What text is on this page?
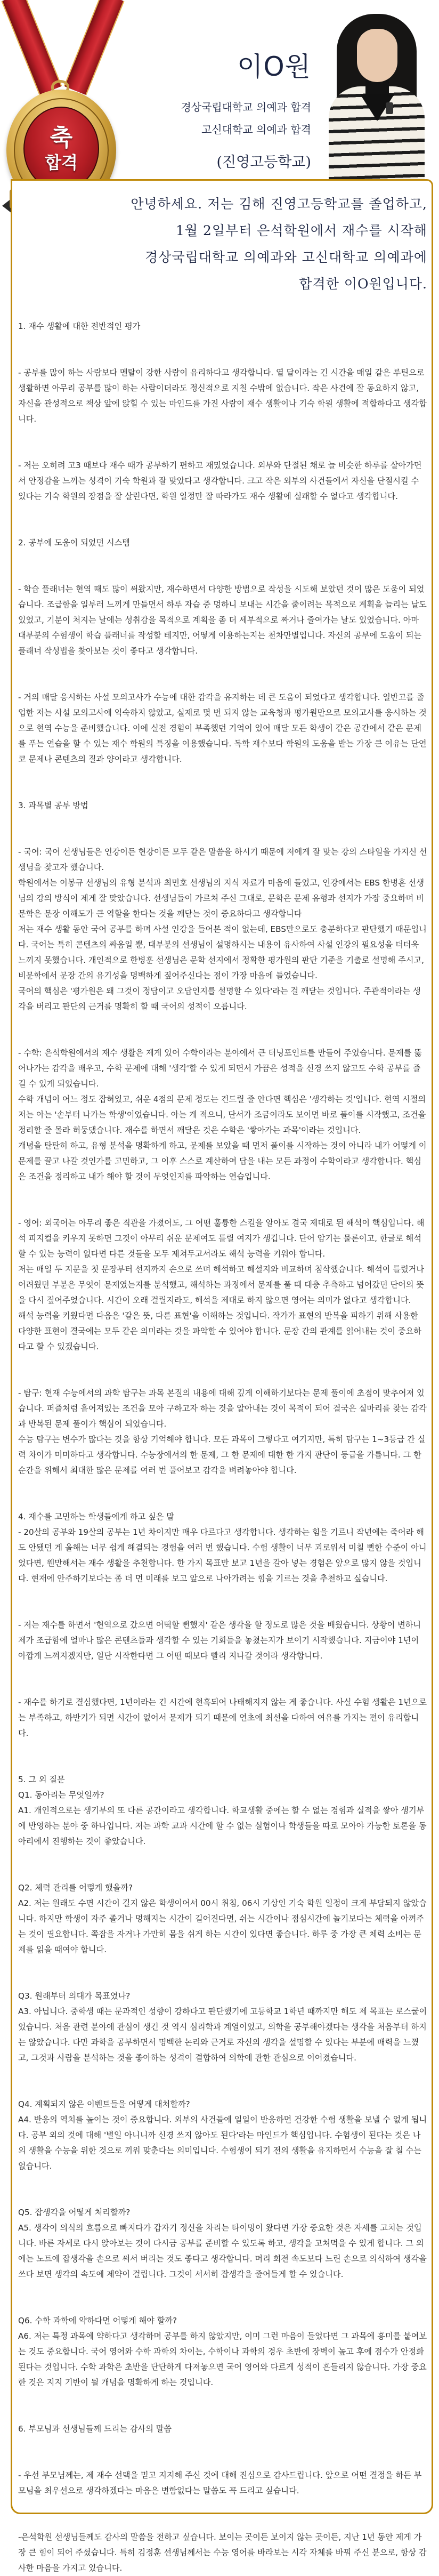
축
합격
이O원
경상국립대학교 의예과 합격
고신대학교 의예과 합격
(진영고등학교)
안녕하세요. 저는 김해 진영고등학교를 졸업하고,
1월 2일부터 은석학원에서 재수를 시작해
경상국립대학교 의예과와 고신대학교 의예과에
합격한 이O원입니다.
1. 재수 생활에 대한 전반적인 평가
- 공부를 많이 하는 사람보다 멘탈이 강한 사람이 유리하다고 생각합니다. 열 달이라는 긴 시간을 매일 같은 루틴으로 생활하면 아무리 공부를 많이 하는 사람이더라도 정신적으로 지칠 수밖에 없습니다. 작은 사건에 잘 동요하지 않고, 자신을 관성적으로 책상 앞에 앉힐 수 있는 마인드를 가진 사람이 재수 생활이나 기숙 학원 생활에 적합하다고 생각합니다.
- 저는 오히려 고3 때보다 재수 때가 공부하기 편하고 재밌었습니다. 외부와 단절된 채로 늘 비슷한 하루를 살아가면서 안정감을 느끼는 성격이 기숙 학원과 잘 맞았다고 생각합니다. 크고 작은 외부의 사건들에서 자신을 단절시킬 수 있다는 기숙 학원의 장점을 잘 살린다면, 학원 일정만 잘 따라가도 재수 생활에 실패할 수 없다고 생각합니다.
2. 공부에 도움이 되었던 시스템
- 학습 플래너는 현역 때도 많이 써왔지만, 재수하면서 다양한 방법으로 작성을 시도해 보았던 것이 많은 도움이 되었습니다. 조급함을 일부러 느끼게 만들면서 하루 자습 중 멍하니 보내는 시간을 줄이려는 목적으로 계획을 늘리는 날도 있었고, 기분이 처지는 날에는 성취감을 목적으로 계획을 좀 더 세부적으로 짜거나 줄여가는 날도 있었습니다. 아마 대부분의 수험생이 학습 플래너를 작성할 테지만, 어떻게 이용하는지는 천차만별입니다. 자신의 공부에 도움이 되는 플래너 작성법을 찾아보는 것이 좋다고 생각합니다.
- 거의 매달 응시하는 사설 모의고사가 수능에 대한 감각을 유지하는 데 큰 도움이 되었다고 생각합니다. 일반고를 졸업한 저는 사설 모의고사에 익숙하지 않았고, 실제로 몇 번 되지 않는 교육청과 평가원만으로 모의고사를 응시하는 것으로 현역 수능을 준비했습니다. 이에 실전 경험이 부족했던 기억이 있어 매달 모든 학생이 같은 공간에서 같은 문제를 푸는 연습을 할 수 있는 재수 학원의 특징을 이용했습니다. 독학 재수보다 학원의 도움을 받는 가장 큰 이유는 단연코 문제나 콘텐츠의 질과 양이라고 생각합니다.
3. 과목별 공부 방법
- 국어: 국어 선생님들은 인강이든 현강이든 모두 같은 말씀을 하시기 때문에 저에게 잘 맞는 강의 스타일을 가지신 선생님을 찾고자 했습니다.
학원에서는 이봉규 선생님의 유형 분석과 최민호 선생님의 지식 자료가 마음에 들었고, 인강에서는 EBS 한병훈 선생님의 강의 방식이 제게 잘 맞았습니다. 선생님들이 가르쳐 주신 그대로, 문학은 문제 유형과 선지가 가장 중요하며 비문학은 문장 이해도가 큰 역할을 한다는 것을 깨닫는 것이 중요하다고 생각합니다
저는 재수 생활 동안 국어 공부를 하며 사설 인강을 들어본 적이 없는데, EBS만으로도 충분하다고 판단했기 때문입니다. 국어는 특히 콘텐츠의 싸움일 뿐, 대부분의 선생님이 설명하시는 내용이 유사하여 사설 인강의 필요성을 더더욱 느끼지 못했습니다. 개인적으로 한병훈 선생님은 문학 선지에서 정확한 평가원의 판단 기준을 기출로 설명해 주시고, 비문학에서 문장 간의 유기성을 명백하게 짚어주신다는 점이 가장 마음에 들었습니다.
국어의 핵심은 '평가원은 왜 그것이 정답이고 오답인지를 설명할 수 있다'라는 걸 깨닫는 것입니다. 주관적이라는 생각을 버리고 판단의 근거를 명확히 할 때 국어의 성적이 오릅니다.
- 수학: 은석학원에서의 재수 생활은 제게 있어 수학이라는 분야에서 큰 터닝포인트를 만들어 주었습니다. 문제를 뚫어나가는 감각을 배우고, 수학 문제에 대해 '생각'할 수 있게 되면서 가끔은 성적을 신경 쓰지 않고도 수학 공부를 즐길 수 있게 되었습니다.
수학 개념이 어느 정도 잡혀있고, 쉬운 4점의 문제 정도는 건드릴 줄 안다면 핵심은 '생각하는 것'입니다. 현역 시절의 저는 아는 '손부터 나가는 학생'이었습니다. 아는 게 적으니, 단서가 조금이라도 보이면 바로 풀이를 시작했고, 조건을 정리할 줄 몰라 허둥댔습니다. 재수를 하면서 깨달은 것은 수학은 '쌓아가는 과목'이라는 것입니다.
개념을 탄탄히 하고, 유형 분석을 명확하게 하고, 문제를 보았을 때 먼저 풀이를 시작하는 것이 아니라 내가 어떻게 이 문제를 끌고 나갈 것인가를 고민하고, 그 이후 스스로 계산하여 답을 내는 모든 과정이 수학이라고 생각합니다. 핵심은 조건을 정리하고 내가 해야 할 것이 무엇인지를 파악하는 연습입니다.
- 영어: 외국어는 아무리 좋은 직관을 가졌어도, 그 어떤 훌륭한 스킬을 알아도 결국 제대로 된 해석이 핵심입니다. 해석 피지컬을 키우지 못하면 그것이 아무리 쉬운 문제여도 틀릴 여지가 생깁니다. 단어 암기는 물론이고, 한글로 해석할 수 있는 능력이 없다면 다른 것들을 모두 제쳐두고서라도 해석 능력을 키워야 합니다.
저는 매일 두 지문을 첫 문장부터 선지까지 손으로 쓰며 해석하고 해설지와 비교하며 첨삭했습니다. 해석이 틀렸거나 어려웠던 부분은 무엇이 문제였는지를 분석했고, 해석하는 과정에서 문제를 풀 때 대충 추측하고 넘어갔던 단어의 뜻을 다시 짚어주었습니다. 시간이 오래 걸릴지라도, 해석을 제대로 하지 않으면 영어는 의미가 없다고 생각합니다.
해석 능력을 키웠다면 다음은 '같은 뜻, 다른 표현'을 이해하는 것입니다. 작가가 표현의 반복을 피하기 위해 사용한 다양한 표현이 결국에는 모두 같은 의미라는 것을 파악할 수 있어야 합니다. 문장 간의 관계를 읽어내는 것이 중요하다고 할 수 있겠습니다.
- 탐구: 현재 수능에서의 과학 탐구는 과목 본질의 내용에 대해 깊게 이해하기보다는 문제 풀이에 초점이 맞추어져 있습니다. 퍼즐처럼 흩어져있는 조건을 모아 구하고자 하는 것을 알아내는 것이 목적이 되어 결국은 실마리를 찾는 감각과 반복된 문제 풀이가 핵심이 되었습니다.
수능 탐구는 변수가 많다는 것을 항상 기억해야 합니다. 모든 과목이 그렇다고 여기지만, 특히 탐구는 1~3등급 간 실력 차이가 미미하다고 생각합니다. 수능장에서의 한 문제, 그 한 문제에 대한 한 가지 판단이 등급을 가릅니다. 그 한순간을 위해서 최대한 많은 문제를 여러 번 풀어보고 감각을 벼려놓아야 합니다.
4. 재수를 고민하는 학생들에게 하고 싶은 말
- 20살의 공부와 19살의 공부는 1년 차이지만 매우 다르다고 생각합니다. 생각하는 힘을 기르니 작년에는 죽어라 해도 안됐던 게 올해는 너무 쉽게 해결되는 경험을 여러 번 했습니다. 수험 생활이 너무 괴로워서 미칠 뻔한 수준이 아니었다면, 웬만해서는 재수 생활을 추천합니다. 한 가지 목표만 보고 1년을 갈아 넣는 경험은 앞으로 많지 않을 것입니다. 현재에 안주하기보다는 좀 더 먼 미래를 보고 앞으로 나아가려는 힘을 기르는 것을 추천하고 싶습니다.
- 저는 재수를 하면서 '현역으로 갔으면 어떡할 뻔했지' 같은 생각을 할 정도로 많은 것을 배웠습니다. 상황이 변하니 제가 조급함에 얼마나 많은 콘텐츠들과 생각할 수 있는 기회들을 놓쳤는지가 보이기 시작했습니다. 지금이야 1년이 아깝게 느껴지겠지만, 일단 시작한다면 그 어떤 때보다 빨리 지나갈 것이라 생각합니다.
- 재수를 하기로 결심했다면, 1년이라는 긴 시간에 현혹되어 나태해지지 않는 게 좋습니다. 사실 수험 생활은 1년으로는 부족하고, 하반기가 되면 시간이 없어서 문제가 되기 때문에 연초에 최선을 다하여 여유를 가지는 편이 유리합니다.
5. 그 외 질문
Q1. 동아리는 무엇일까?
A1. 개인적으로는 생기부의 또 다른 공간이라고 생각합니다. 학교생활 중에는 할 수 없는 경험과 실적을 쌓아 생기부에 반영하는 분야 중 하나입니다. 저는 과학 교과 시간에 할 수 없는 실험이나 학생들을 따로 모아야 가능한 토론을 동아리에서 진행하는 것이 좋았습니다.
Q2. 체력 관리를 어떻게 했을까?
A2. 저는 원래도 수면 시간이 길지 않은 학생이어서 00시 취침, 06시 기상인 기숙 학원 일정이 크게 부담되지 않았습니다. 하지만 학생이 자주 졸거나 멍해지는 시간이 길어진다면, 쉬는 시간이나 점심시간에 놀기보다는 체력을 아껴주는 것이 필요합니다. 쪽잠을 자거나 가만히 몸을 쉬게 하는 시간이 있다면 좋습니다. 하루 중 가장 큰 체력 소비는 문제를 읽을 때여야 합니다.
Q3. 원래부터 의대가 목표였나?
A3. 아닙니다. 중학생 때는 문과적인 성향이 강하다고 판단했기에 고등학교 1학년 때까지만 해도 제 목표는 로스쿨이었습니다. 처음 관련 분야에 관심이 생긴 것 역시 심리학과 계열이었고, 의학을 공부해야겠다는 생각을 처음부터 하지는 않았습니다. 다만 과학을 공부하면서 명백한 논리와 근거로 자신의 생각을 설명할 수 있다는 부분에 매력을 느꼈고, 그것과 사람을 분석하는 것을 좋아하는 성격이 결합하여 의학에 관한 관심으로 이어졌습니다.
Q4. 계획되지 않은 이벤트들을 어떻게 대처할까?
A4. 반응의 역치를 높이는 것이 중요합니다. 외부의 사건들에 일일이 반응하면 건강한 수험 생활을 보낼 수 없게 됩니다. 공부 외의 것에 대해 '별일 아니니까 신경 쓰지 않아도 된다'라는 마인드가 핵심입니다. 수험생이 된다는 것은 나의 생활을 수능을 위한 것으로 끼워 맞춘다는 의미입니다. 수험생이 되기 전의 생활을 유지하면서 수능을 잘 칠 수는 없습니다.
Q5. 잡생각을 어떻게 처리할까?
A5. 생각이 의식의 흐름으로 빠지다가 갑자기 정신을 차리는 타이밍이 왔다면 가장 중요한 것은 자세를 고치는 것입니다. 바른 자세로 다시 앉아보는 것이 다시금 공부를 준비할 수 있도록 하고, 생각을 고쳐먹을 수 있게 합니다. 그 외에는 노트에 잡생각을 손으로 써서 버리는 것도 좋다고 생각합니다. 머리 회전 속도보다 느린 손으로 의식하여 생각을 쓰다 보면 생각의 속도에 제약이 걸립니다. 그것이 서서히 잡생각을 줄어들게 할 수 있습니다.
Q6. 수학 과학에 약하다면 어떻게 해야 할까?
A6. 저는 특정 과목에 약하다고 생각하며 공부를 하지 않았지만, 이미 그런 마음이 들었다면 그 과목에 흥미를 붙여보는 것도 중요합니다. 국어 영어와 수학 과학의 차이는, 수학이나 과학의 경우 초반에 장벽이 높고 후에 점수가 안정화된다는 것입니다. 수학 과학은 초반을 단단하게 다져놓으면 국어 영어와 다르게 성적이 흔들리지 않습니다. 가장 중요한 것은 지지 기반이 될 개념을 명확하게 하는 것입니다.
6. 부모님과 선생님들께 드리는 감사의 말씀
- 우선 부모님께는, 제 재수 선택을 믿고 지지해 주신 것에 대해 진심으로 감사드립니다. 앞으로 어떤 결정을 하든 부모님을 최우선으로 생각하겠다는 마음은 변함없다는 말씀도 꼭 드리고 싶습니다.
-은석학원 선생님들께도 감사의 말씀을 전하고 싶습니다. 보이는 곳이든 보이지 않는 곳이든, 지난 1년 동안 제게 가장 큰 힘이 되어 주셨습니다. 특히 김정훈 선생님께서는 수능 영어를 바라보는 시각 자체를 바꿔 주신 분으로, 항상 감사한 마음을 가지고 있습니다.
